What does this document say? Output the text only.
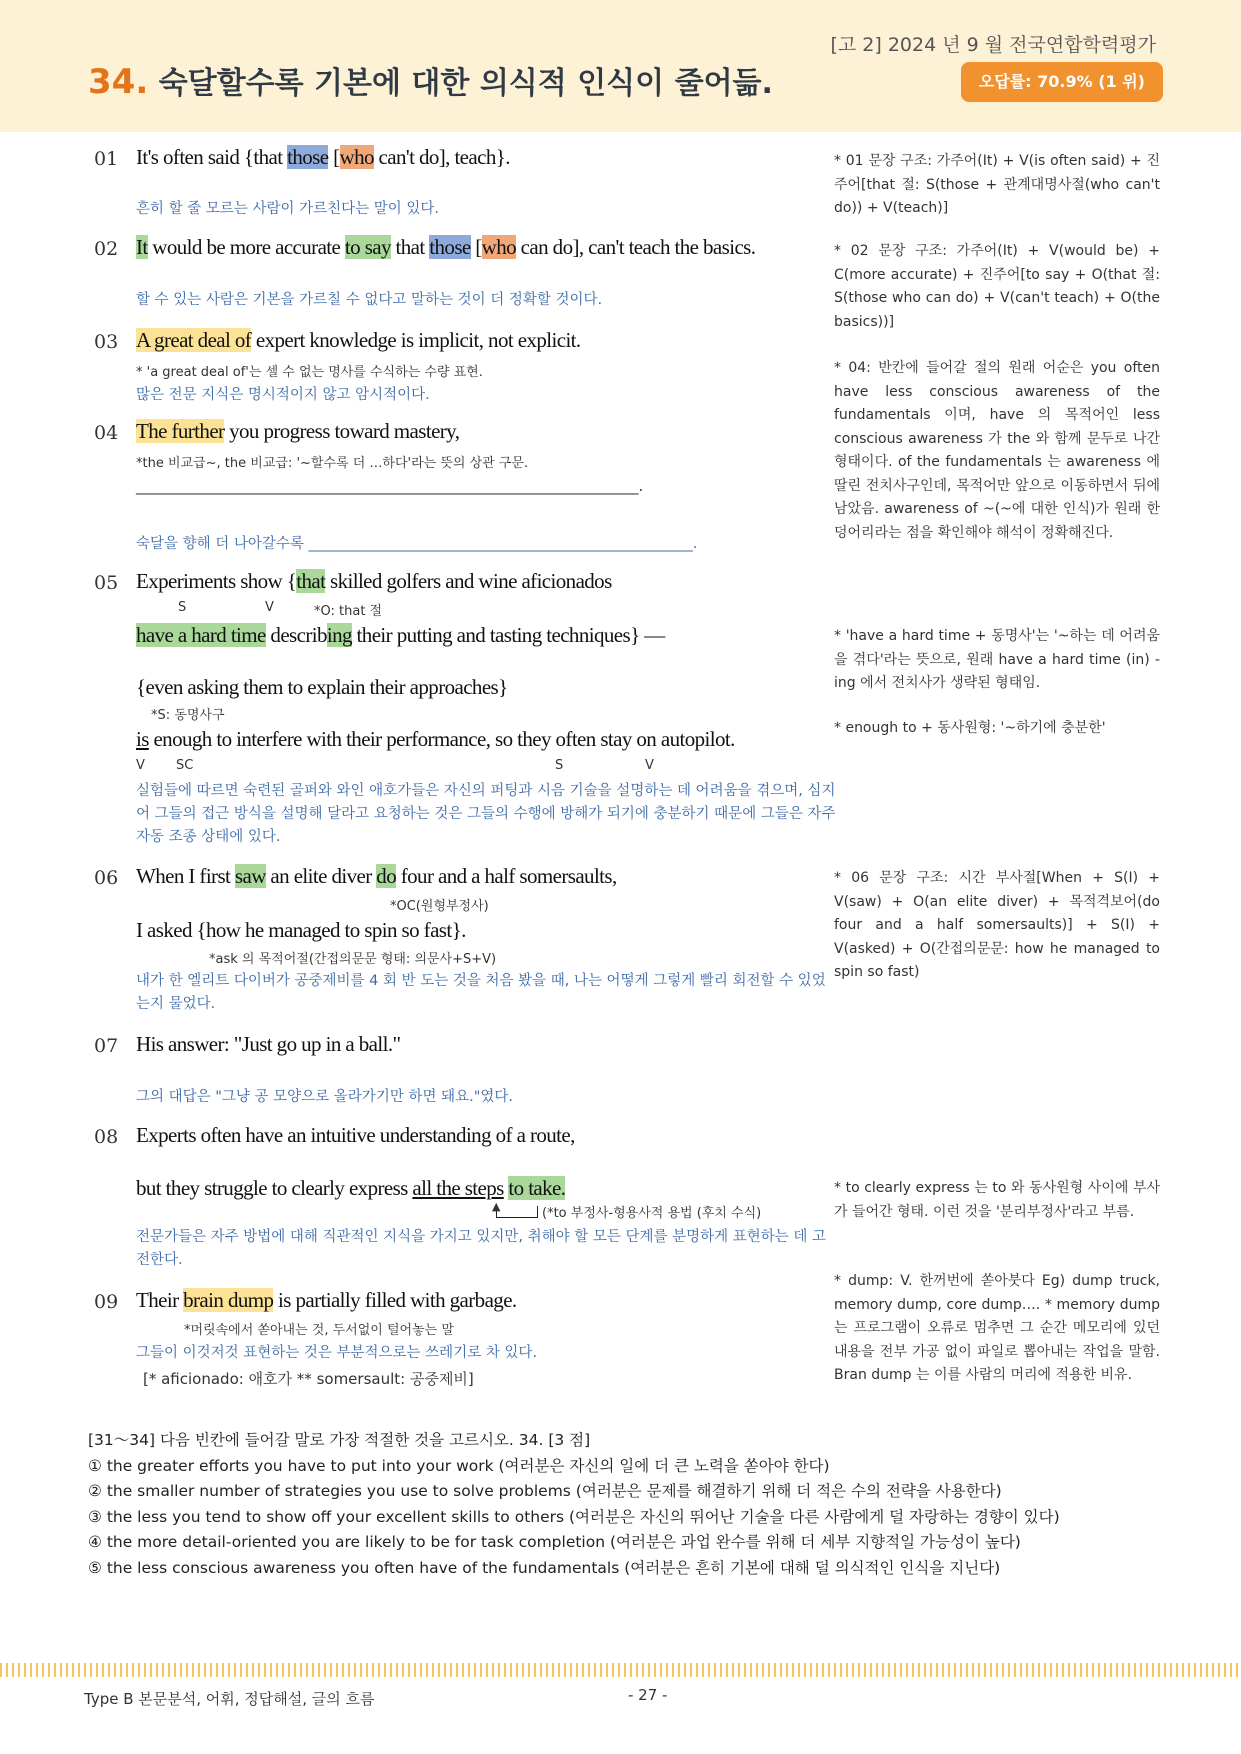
[고 2] 2024 년 9 월 전국연합학력평가
오답률: 70.9% (1 위)
34. 숙달할수록 기본에 대한 의식적 인식이 줄어듦.
01 It's often said {that those [who can't do], teach}.
흔히 할 줄 모르는 사람이 가르친다는 말이 있다.
02 It would be more accurate to say that those [who can do], can't teach the basics.
할 수 있는 사람은 기본을 가르칠 수 없다고 말하는 것이 더 정확할 것이다.
03 A great deal of expert knowledge is implicit, not explicit.
* 'a great deal of'는 셀 수 없는 명사를 수식하는 수량 표현.
많은 전문 지식은 명시적이지 않고 암시적이다.
04 The further you progress toward mastery,
*the 비교급~, the 비교급: '~할수록 더 …하다'라는 뜻의 상관 구문.
___________________________________________________________________.
숙달을 향해 더 나아갈수록 _____________________________________________________.
05 Experiments show {that skilled golfers and wine aficionados
S	V	*O: that 절
have a hard time describing their putting and tasting techniques} —
{even asking them to explain their approaches}
*S: 동명사구
is enough to interfere with their performance, so they often stay on autopilot.
V SC	S	V
실험들에 따르면 숙련된 골퍼와 와인 애호가들은 자신의 퍼팅과 시음 기술을 설명하는 데 어려움을 겪으며, 심지어 그들의 접근 방식을 설명해 달라고 요청하는 것은 그들의 수행에 방해가 되기에 충분하기 때문에 그들은 자주 자동 조종 상태에 있다.
06 When I first saw an elite diver do four and a half somersaults,
*OC(원형부정사)
I asked {how he managed to spin so fast}.
*ask 의 목적어절(간접의문문 형태: 의문사+S+V)
내가 한 엘리트 다이버가 공중제비를 4 회 반 도는 것을 처음 봤을 때, 나는 어떻게 그렇게 빨리 회전할 수 있었는지 물었다.
07 His answer: "Just go up in a ball."
그의 대답은 "그냥 공 모양으로 올라가기만 하면 돼요."였다.
08 Experts often have an intuitive understanding of a route,
but they struggle to clearly express all the steps to take.
▲	(*to 부정사-형용사적 용법 (후치 수식)
전문가들은 자주 방법에 대해 직관적인 지식을 가지고 있지만, 취해야 할 모든 단계를 분명하게 표현하는 데 고전한다.
09 Their brain dump is partially filled with garbage.
*머릿속에서 쏟아내는 것, 두서없이 털어놓는 말
그들이 이것저것 표현하는 것은 부분적으로는 쓰레기로 차 있다.
[* aficionado: 애호가 ** somersault: 공중제비]
* 01 문장 구조: 가주어(It) + V(is often said) + 진주어[that 절: S(those + 관계대명사절(who can't do)) + V(teach)]
* 02 문장 구조: 가주어(It) + V(would be) + C(more accurate) + 진주어[to say + O(that 절: S(those who can do) + V(can't teach) + O(the basics))]
* 04: 반칸에 들어갈 절의 원래 어순은 you often have less conscious awareness of the fundamentals 이며, have 의 목적어인 less conscious awareness 가 the 와 함께 문두로 나간 형태이다. of the fundamentals 는 awareness 에 딸린 전치사구인데, 목적어만 앞으로 이동하면서 뒤에 남았음. awareness of ~(~에 대한 인식)가 원래 한 덩어리라는 점을 확인해야 해석이 정확해진다.
* 'have a hard time + 동명사'는 '~하는 데 어려움을 겪다'라는 뜻으로, 원래 have a hard time (in) -ing 에서 전치사가 생략된 형태임.
* enough to + 동사원형: '~하기에 충분한'
* 06 문장 구조: 시간 부사절[When + S(I) + V(saw) + O(an elite diver) + 목적격보어(do four and a half somersaults)] + S(I) + V(asked) + O(간접의문문: how he managed to spin so fast)
* to clearly express 는 to 와 동사원형 사이에 부사가 들어간 형태. 이런 것을 '분리부정사'라고 부름.
* dump: V. 한꺼번에 쏟아붓다 Eg) dump truck, memory dump, core dump…. * memory dump 는 프로그램이 오류로 멈추면 그 순간 메모리에 있던 내용을 전부 가공 없이 파일로 뽑아내는 작업을 말함. Bran dump 는 이를 사람의 머리에 적용한 비유.
[31～34] 다음 빈칸에 들어갈 말로 가장 적절한 것을 고르시오. 34. [3 점]
① the greater efforts you have to put into your work (여러분은 자신의 일에 더 큰 노력을 쏟아야 한다)
② the smaller number of strategies you use to solve problems (여러분은 문제를 해결하기 위해 더 적은 수의 전략을 사용한다)
③ the less you tend to show off your excellent skills to others (여러분은 자신의 뛰어난 기술을 다른 사람에게 덜 자랑하는 경향이 있다)
④ the more detail-oriented you are likely to be for task completion (여러분은 과업 완수를 위해 더 세부 지향적일 가능성이 높다)
⑤ the less conscious awareness you often have of the fundamentals (여러분은 흔히 기본에 대해 덜 의식적인 인식을 지닌다)
Type B 본문분석, 어휘, 정답해설, 글의 흐름	- 27 -
